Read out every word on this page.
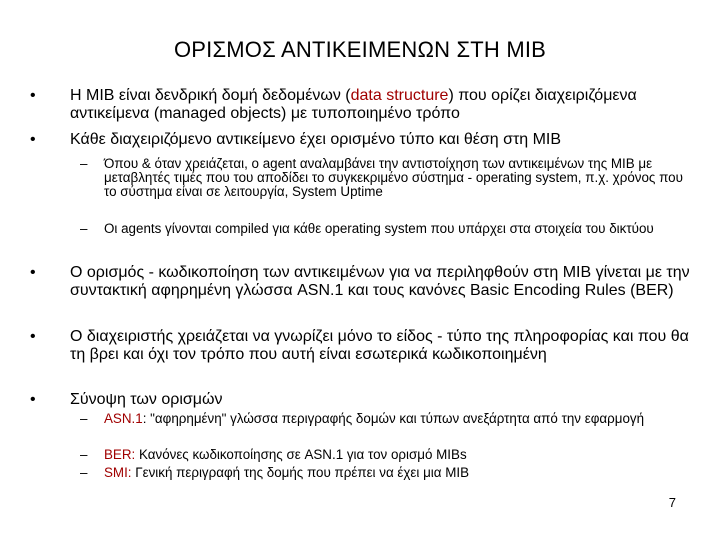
ΟΡΙΣΜΟΣ ΑΝΤΙΚΕΙΜΕΝΩΝ ΣΤΗ MIB
•	Η MIB είναι δενδρική δομή δεδομένων (data structure) που ορίζει διαχειριζόμενα αντικείμενα (managed objects) με τυποποιημένο τρόπο
•	Κάθε διαχειριζόμενο αντικείμενο έχει ορισμένο τύπο και θέση στη MIB
–	Όπου & όταν χρειάζεται, ο agent αναλαμβάνει την αντιστοίχηση των αντικειμένων της MIB με μεταβλητές τιμές που του αποδίδει το συγκεκριμένο σύστημα - operating system, π.χ. χρόνος που το σύστημα είναι σε λειτουργία, System Uptime
–	Οι agents γίνονται compiled για κάθε operating system που υπάρχει στα στοιχεία του δικτύου
•	Ο ορισμός - κωδικοποίηση των αντικειμένων για να περιληφθούν στη MIB γίνεται με την συντακτική αφηρημένη γλώσσα ASN.1 και τους κανόνες Basic Encoding Rules (BER)
•	Ο διαχειριστής χρειάζεται να γνωρίζει μόνο το είδος - τύπο της πληροφορίας και που θα τη βρει και όχι τον τρόπο που αυτή είναι εσωτερικά κωδικοποιημένη
•	Σύνοψη των ορισμών
–	ASN.1: "αφηρημένη" γλώσσα περιγραφής δομών και τύπων ανεξάρτητα από την εφαρμογή
–	BER: Κανόνες κωδικοποίησης σε ASN.1 για τον ορισμό MIBs
–	SMI: Γενική περιγραφή της δομής που πρέπει να έχει μια MIB
7
